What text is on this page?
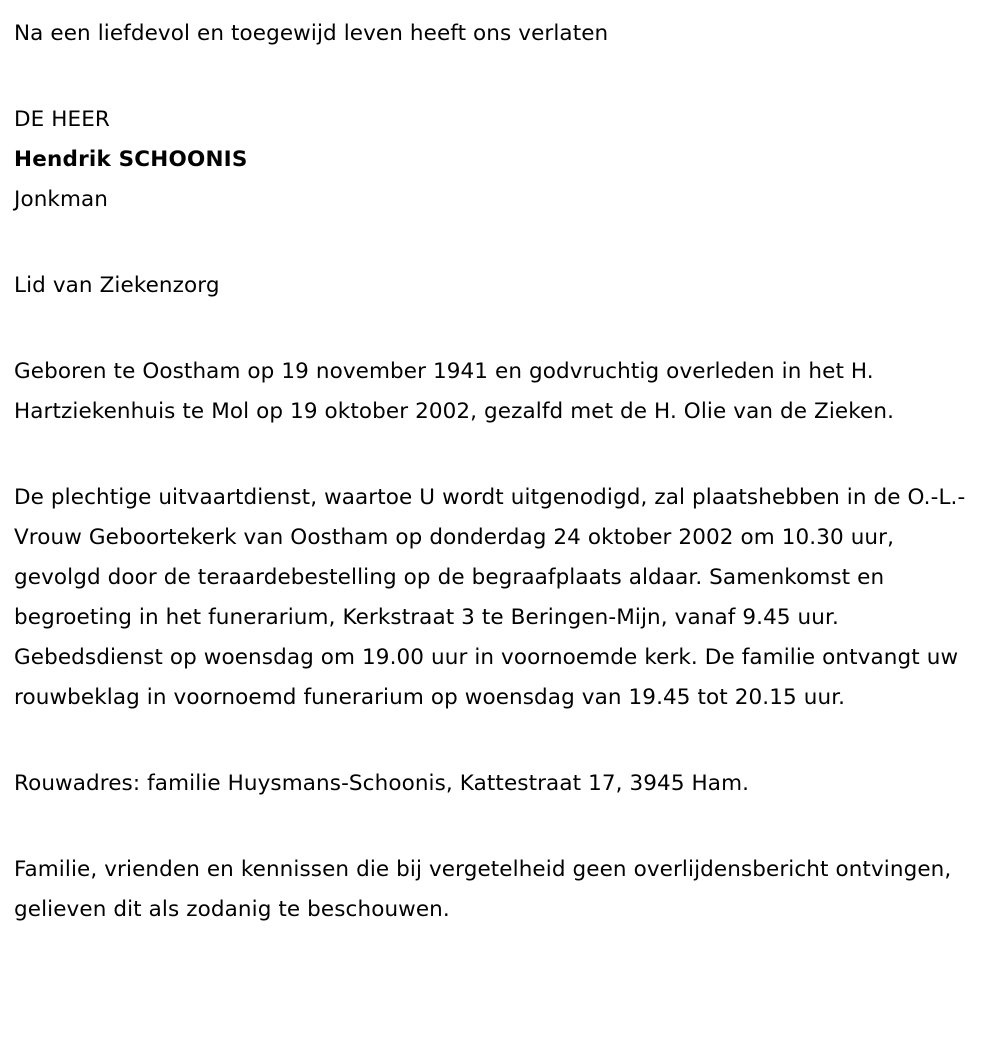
Na een liefdevol en toegewijd leven heeft ons verlaten

DE HEER
Hendrik SCHOONIS
Jonkman

Lid van Ziekenzorg

Geboren te Oostham op 19 november 1941 en godvruchtig overleden in het H. Hartziekenhuis te Mol op 19 oktober 2002, gezalfd met de H. Olie van de Zieken.

De plechtige uitvaartdienst, waartoe U wordt uitgenodigd, zal plaatshebben in de O.-L.-Vrouw Geboortekerk van Oostham op donderdag 24 oktober 2002 om 10.30 uur, gevolgd door de teraardebestelling op de begraafplaats aldaar. Samenkomst en begroeting in het funerarium, Kerkstraat 3 te Beringen-Mijn, vanaf 9.45 uur. Gebedsdienst op woensdag om 19.00 uur in voornoemde kerk. De familie ontvangt uw rouwbeklag in voornoemd funerarium op woensdag van 19.45 tot 20.15 uur.

Rouwadres: familie Huysmans-Schoonis, Kattestraat 17, 3945 Ham.

Familie, vrienden en kennissen die bij vergetelheid geen overlijdensbericht ontvingen, gelieven dit als zodanig te beschouwen.
